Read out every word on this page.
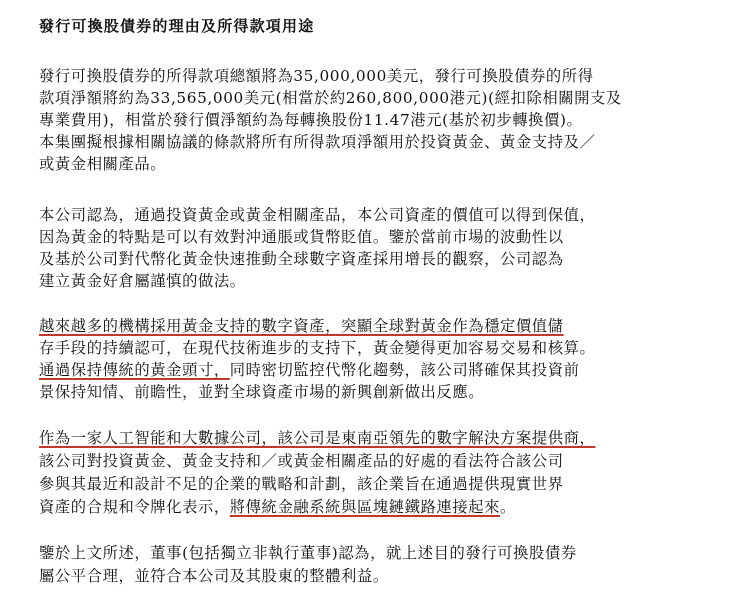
發行可換股債券的理由及所得款項用途
發行可換股債券的所得款項總額將為35,000,000美元，發行可換股債券的所得
款項淨額將約為33,565,000美元(相當於約260,800,000港元)(經扣除相關開支及
專業費用)，相當於發行價淨額約為每轉換股份11.47港元(基於初步轉換價)。
本集團擬根據相關協議的條款將所有所得款項淨額用於投資黃金、黃金支持及／
或黃金相關產品。
本公司認為，通過投資黃金或黃金相關產品，本公司資產的價值可以得到保值，
因為黃金的特點是可以有效對沖通脹或貨幣貶值。鑒於當前市場的波動性以
及基於公司對代幣化黃金快速推動全球數字資產採用增長的觀察，公司認為
建立黃金好倉屬謹慎的做法。
越來越多的機構採用黃金支持的數字資產，突顯全球對黃金作為穩定價值儲
存手段的持續認可，在現代技術進步的支持下，黃金變得更加容易交易和核算。
通過保持傳統的黃金頭寸，同時密切監控代幣化趨勢，該公司將確保其投資前
景保持知情、前瞻性，並對全球資產市場的新興創新做出反應。
作為一家人工智能和大數據公司，該公司是東南亞領先的數字解決方案提供商，
該公司對投資黃金、黃金支持和／或黃金相關產品的好處的看法符合該公司
參與其最近和設計不足的企業的戰略和計劃，該企業旨在通過提供現實世界
資產的合規和令牌化表示，將傳統金融系統與區塊鏈鐵路連接起來。
鑒於上文所述，董事(包括獨立非執行董事)認為，就上述目的發行可換股債券
屬公平合理，並符合本公司及其股東的整體利益。
